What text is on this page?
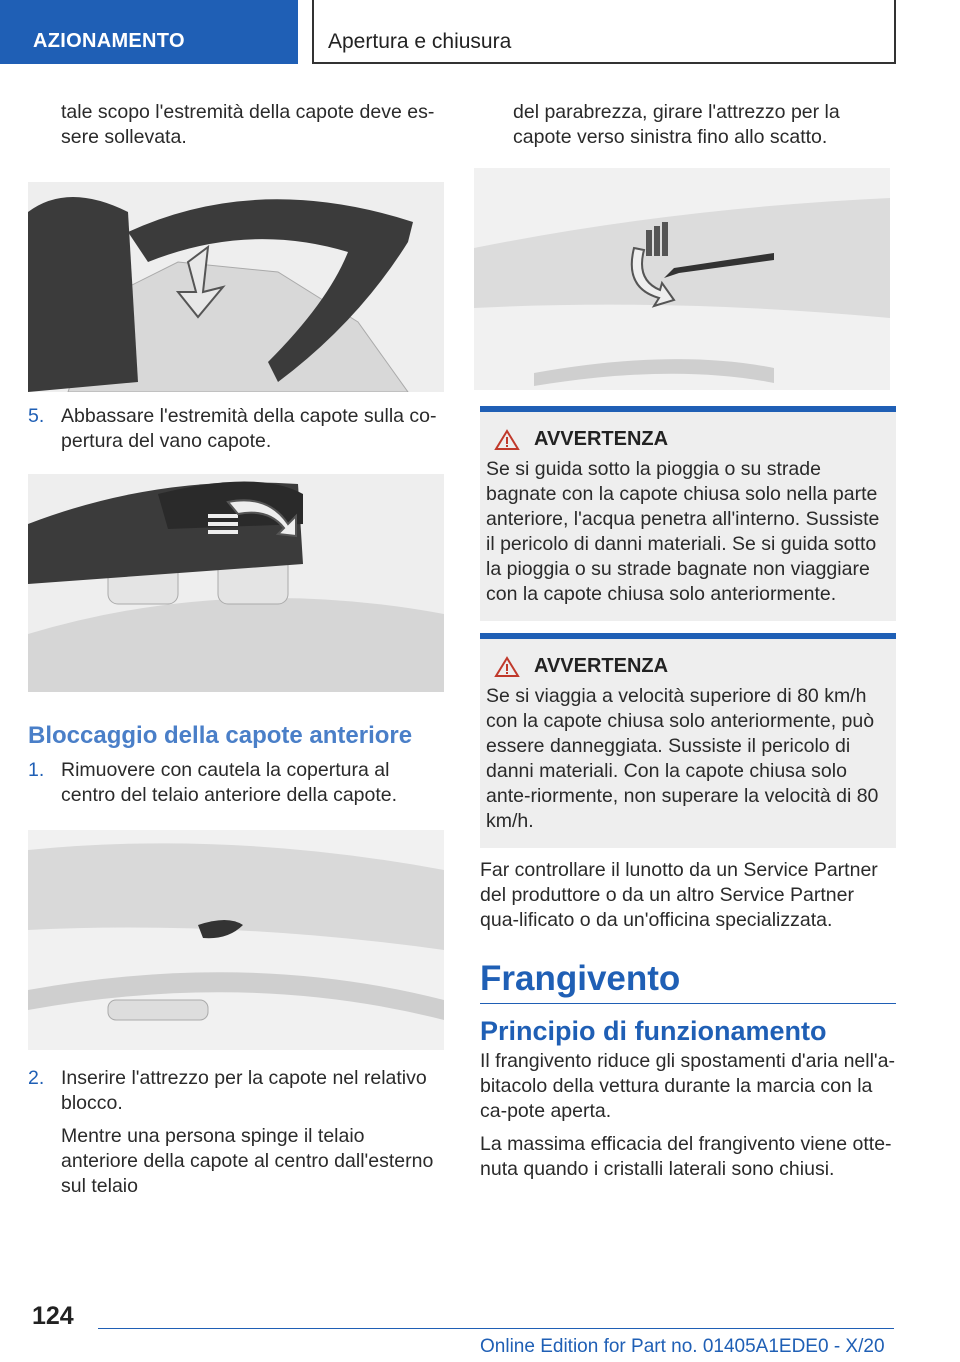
AZIONAMENTO	Apertura e chiusura

tale scopo l'estremità della capote deve es‐sere sollevata.

5. Abbassare l'estremità della capote sulla co‐pertura del vano capote.
Bloccaggio della capote anteriore
1. Rimuovere con cautela la copertura al centro del telaio anteriore della capote.
2. Inserire l'attrezzo per la capote nel relativo blocco.

Mentre una persona spinge il telaio anteriore della capote al centro dall'esterno sul telaio

del parabrezza, girare l'attrezzo per la capote verso sinistra fino allo scatto.

AVVERTENZA

Se si guida sotto la pioggia o su strade bagnate con la capote chiusa solo nella parte anteriore, l'acqua penetra all'interno. Sussiste il pericolo di danni materiali. Se si guida sotto la pioggia o su strade bagnate non viaggiare con la capote chiusa solo anteriormente.

AVVERTENZA

Se si viaggia a velocità superiore di 80 km/h con la capote chiusa solo anteriormente, può essere danneggiata. Sussiste il pericolo di danni materiali. Con la capote chiusa solo ante‐riormente, non superare la velocità di 80 km/h.

Far controllare il lunotto da un Service Partner del produttore o da un altro Service Partner qua‐lificato o da un'officina specializzata.

Frangivento
Principio di funzionamento

Il frangivento riduce gli spostamenti d'aria nell'a‐bitacolo della vettura durante la marcia con la ca‐pote aperta.

La massima efficacia del frangivento viene otte‐nuta quando i cristalli laterali sono chiusi.

124
Online Edition for Part no. 01405A1EDE0 - X/20
